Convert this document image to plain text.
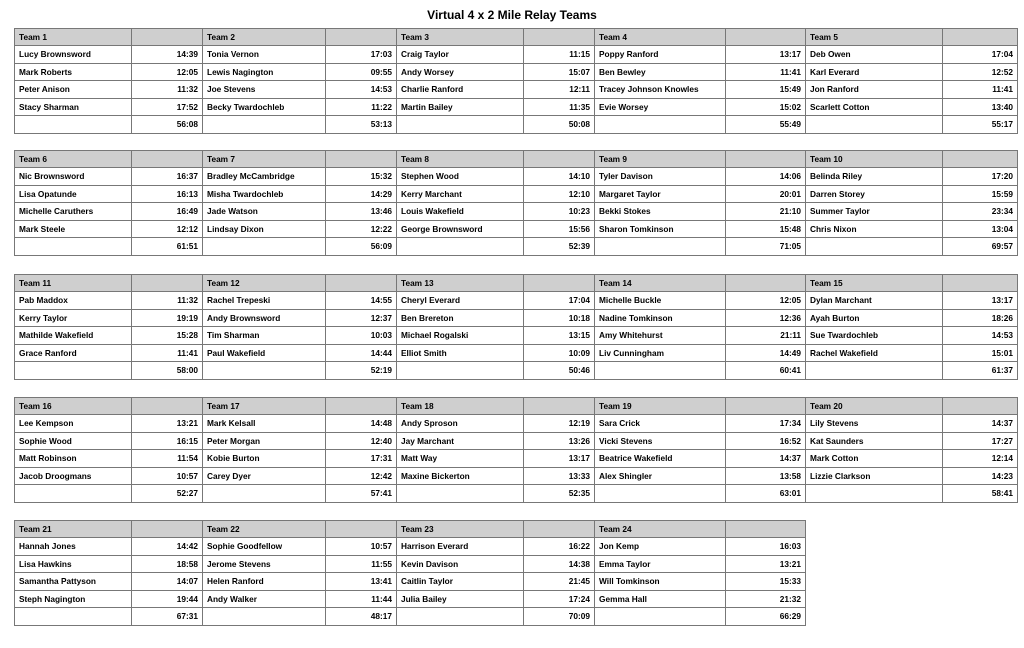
Virtual 4 x 2 Mile Relay Teams
Team 1		Team 2		Team 3		Team 4		Team 5	
Lucy Brownsword	14:39	Tonia Vernon	17:03	Craig Taylor	11:15	Poppy Ranford	13:17	Deb Owen	17:04
Mark Roberts	12:05	Lewis Nagington	09:55	Andy Worsey	15:07	Ben Bewley	11:41	Karl Everard	12:52
Peter Anison	11:32	Joe Stevens	14:53	Charlie Ranford	12:11	Tracey Johnson Knowles	15:49	Jon Ranford	11:41
Stacy Sharman	17:52	Becky Twardochleb	11:22	Martin Bailey	11:35	Evie Worsey	15:02	Scarlett Cotton	13:40
	56:08		53:13		50:08		55:49		55:17
Team 6		Team 7		Team 8		Team 9		Team 10	
Nic Brownsword	16:37	Bradley McCambridge	15:32	Stephen Wood	14:10	Tyler Davison	14:06	Belinda Riley	17:20
Lisa Opatunde	16:13	Misha Twardochleb	14:29	Kerry Marchant	12:10	Margaret Taylor	20:01	Darren Storey	15:59
Michelle Caruthers	16:49	Jade Watson	13:46	Louis Wakefield	10:23	Bekki Stokes	21:10	Summer Taylor	23:34
Mark Steele	12:12	Lindsay Dixon	12:22	George Brownsword	15:56	Sharon Tomkinson	15:48	Chris Nixon	13:04
	61:51		56:09		52:39		71:05		69:57
Team 11		Team 12		Team 13		Team 14		Team 15	
Pab Maddox	11:32	Rachel Trepeski	14:55	Cheryl Everard	17:04	Michelle Buckle	12:05	Dylan Marchant	13:17
Kerry Taylor	19:19	Andy Brownsword	12:37	Ben Brereton	10:18	Nadine Tomkinson	12:36	Ayah Burton	18:26
Mathilde Wakefield	15:28	Tim Sharman	10:03	Michael Rogalski	13:15	Amy Whitehurst	21:11	Sue Twardochleb	14:53
Grace Ranford	11:41	Paul Wakefield	14:44	Elliot Smith	10:09	Liv Cunningham	14:49	Rachel Wakefield	15:01
	58:00		52:19		50:46		60:41		61:37
Team 16		Team 17		Team 18		Team 19		Team 20	
Lee Kempson	13:21	Mark Kelsall	14:48	Andy Sproson	12:19	Sara Crick	17:34	Lily Stevens	14:37
Sophie Wood	16:15	Peter Morgan	12:40	Jay Marchant	13:26	Vicki Stevens	16:52	Kat Saunders	17:27
Matt Robinson	11:54	Kobie Burton	17:31	Matt Way	13:17	Beatrice Wakefield	14:37	Mark Cotton	12:14
Jacob Droogmans	10:57	Carey Dyer	12:42	Maxine Bickerton	13:33	Alex Shingler	13:58	Lizzie Clarkson	14:23
	52:27		57:41		52:35		63:01		58:41
Team 21		Team 22		Team 23		Team 24			
Hannah Jones	14:42	Sophie Goodfellow	10:57	Harrison Everard	16:22	Jon Kemp	16:03		
Lisa Hawkins	18:58	Jerome Stevens	11:55	Kevin Davison	14:38	Emma Taylor	13:21		
Samantha Pattyson	14:07	Helen Ranford	13:41	Caitlin Taylor	21:45	Will Tomkinson	15:33		
Steph Nagington	19:44	Andy Walker	11:44	Julia Bailey	17:24	Gemma Hall	21:32		
	67:31		48:17		70:09		66:29		
